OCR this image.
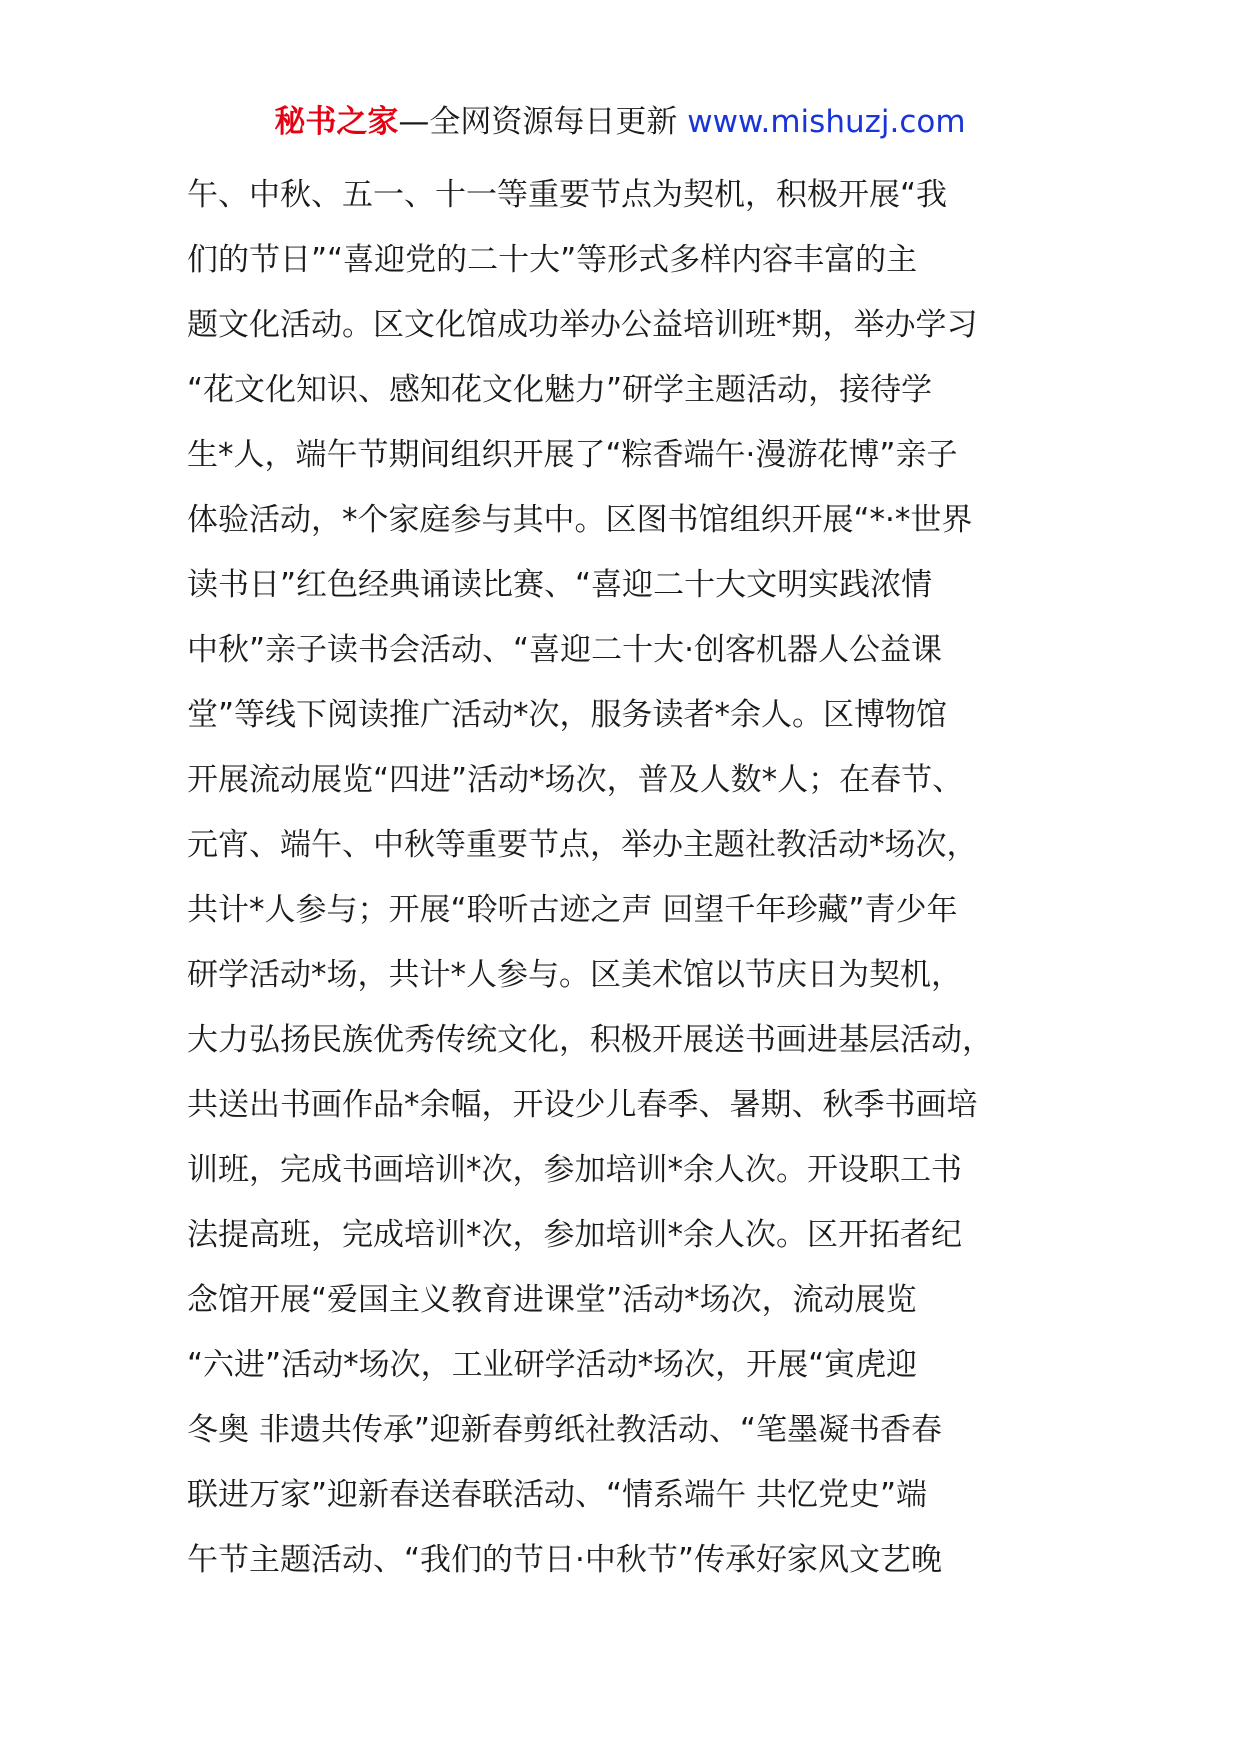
秘书之家—全网资源每日更新 www.mishuzj.com
午、中秋、五一、十一等重要节点为契机，积极开展“我
们的节日”“喜迎党的二十大”等形式多样内容丰富的主
题文化活动。区文化馆成功举办公益培训班*期，举办学习
“花文化知识、感知花文化魅力”研学主题活动，接待学
生*人，端午节期间组织开展了“粽香端午·漫游花博”亲子
体验活动，*个家庭参与其中。区图书馆组织开展“*·*世界
读书日”红色经典诵读比赛、“喜迎二十大文明实践浓情
中秋”亲子读书会活动、“喜迎二十大·创客机器人公益课
堂”等线下阅读推广活动*次，服务读者*余人。区博物馆
开展流动展览“四进”活动*场次，普及人数*人；在春节、
元宵、端午、中秋等重要节点，举办主题社教活动*场次，
共计*人参与；开展“聆听古迹之声 回望千年珍藏”青少年
研学活动*场，共计*人参与。区美术馆以节庆日为契机，
大力弘扬民族优秀传统文化，积极开展送书画进基层活动，
共送出书画作品*余幅，开设少儿春季、暑期、秋季书画培
训班，完成书画培训*次，参加培训*余人次。开设职工书
法提高班，完成培训*次，参加培训*余人次。区开拓者纪
念馆开展“爱国主义教育进课堂”活动*场次，流动展览
“六进”活动*场次，工业研学活动*场次，开展“寅虎迎
冬奥 非遗共传承”迎新春剪纸社教活动、“笔墨凝书香春
联进万家”迎新春送春联活动、“情系端午 共忆党史”端
午节主题活动、“我们的节日·中秋节”传承好家风文艺晚
